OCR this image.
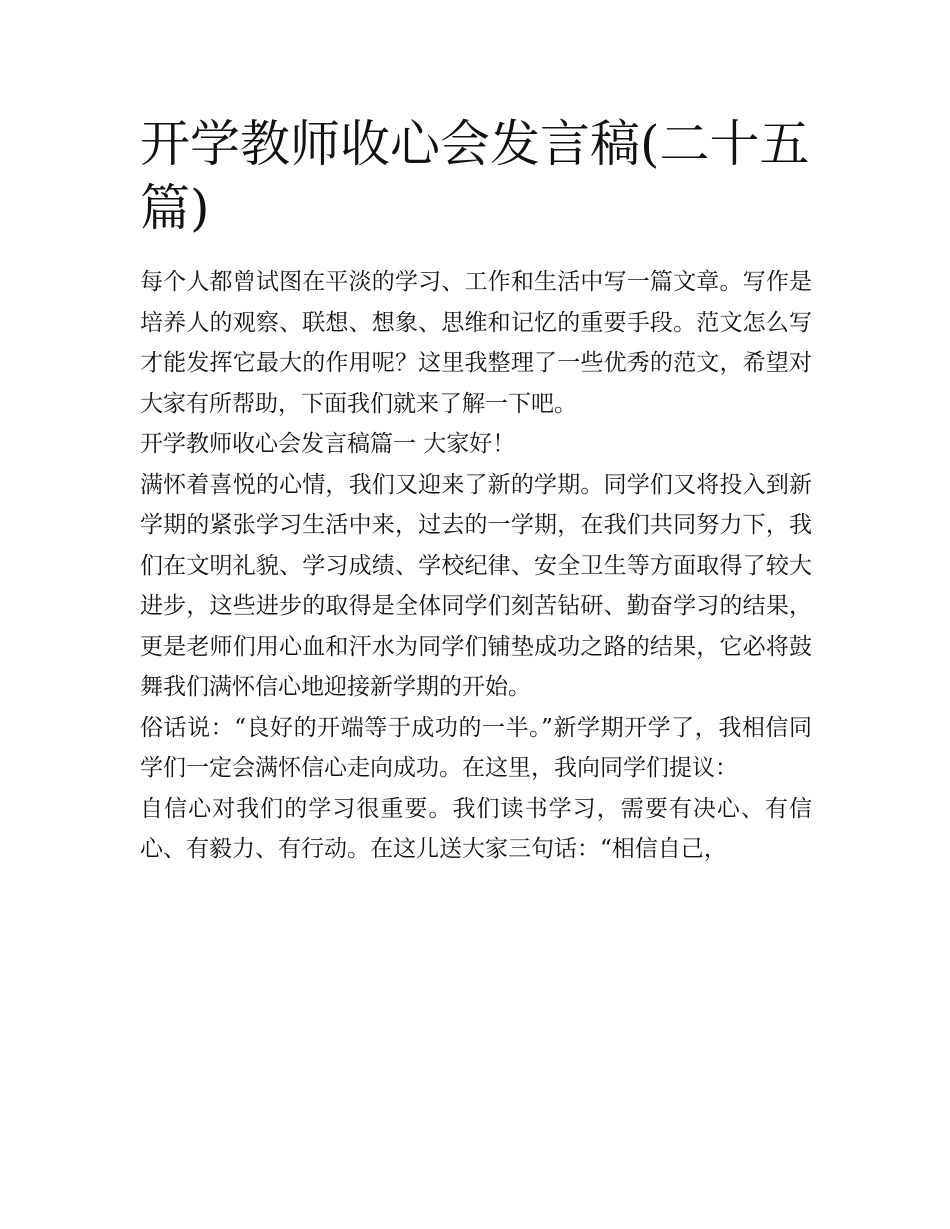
开学教师收心会发言稿(二十五篇)

每个人都曾试图在平淡的学习、工作和生活中写一篇文章。写作是培养人的观察、联想、想象、思维和记忆的重要手段。范文怎么写才能发挥它最大的作用呢？这里我整理了一些优秀的范文，希望对大家有所帮助，下面我们就来了解一下吧。

开学教师收心会发言稿篇一 大家好！

满怀着喜悦的心情，我们又迎来了新的学期。同学们又将投入到新学期的紧张学习生活中来，过去的一学期，在我们共同努力下，我们在文明礼貌、学习成绩、学校纪律、安全卫生等方面取得了较大进步，这些进步的取得是全体同学们刻苦钻研、勤奋学习的结果，更是老师们用心血和汗水为同学们铺垫成功之路的结果，它必将鼓舞我们满怀信心地迎接新学期的开始。

俗话说：“良好的开端等于成功的一半。”新学期开学了，我相信同学们一定会满怀信心走向成功。在这里，我向同学们提议：

自信心对我们的学习很重要。我们读书学习，需要有决心、有信心、有毅力、有行动。在这儿送大家三句话：“相信自己，
